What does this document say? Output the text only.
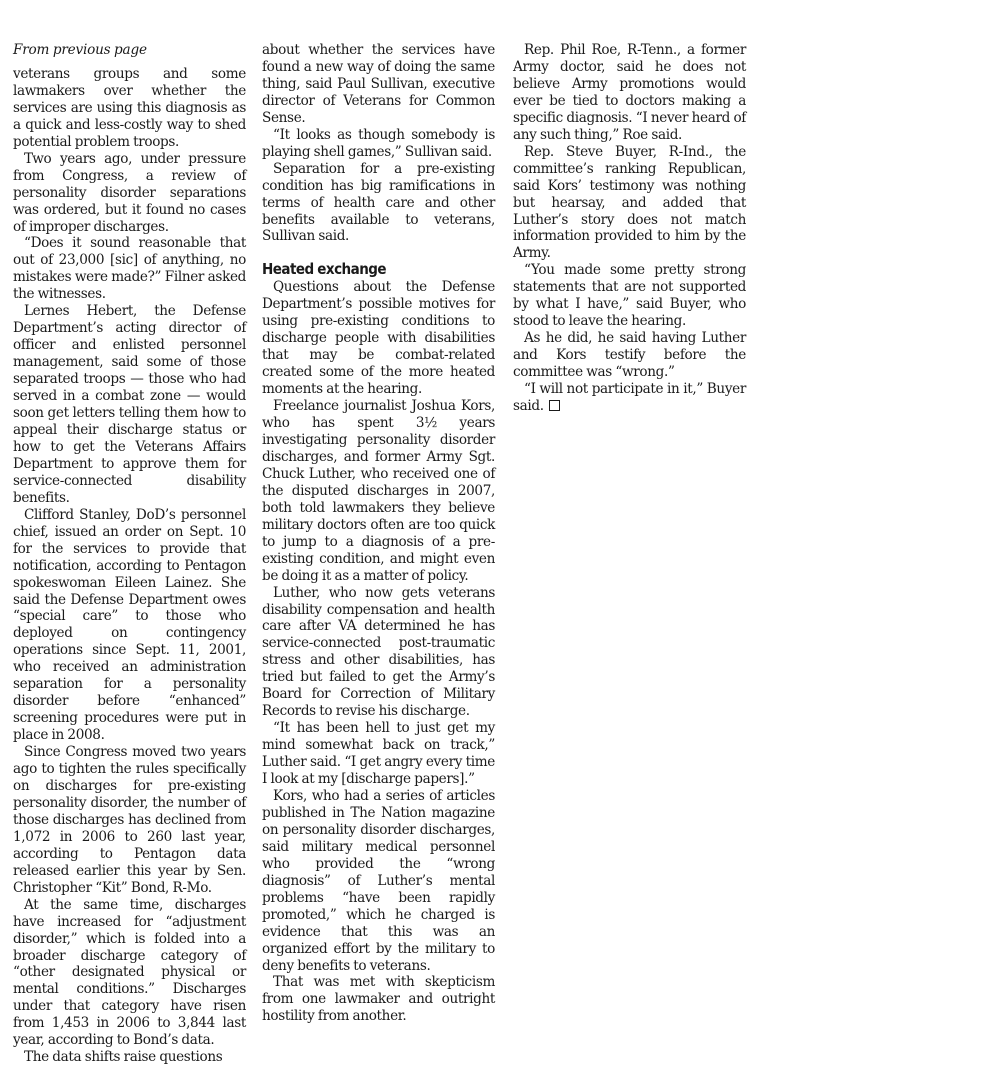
From previous page

veterans groups and some lawmakers over whether the services are using this diagnosis as a quick and less-costly way to shed potential problem troops.

Two years ago, under pressure from Congress, a review of personality disorder separations was ordered, but it found no cases of improper discharges.

“Does it sound reasonable that out of 23,000 [sic] of anything, no mistakes were made?” Filner asked the witnesses.

Lernes Hebert, the Defense Department’s acting director of officer and enlisted personnel management, said some of those separated troops — those who had served in a combat zone — would soon get letters telling them how to appeal their discharge status or how to get the Veterans Affairs Department to approve them for service-connected disability benefits.

Clifford Stanley, DoD’s personnel chief, issued an order on Sept. 10 for the services to provide that notification, according to Pentagon spokeswoman Eileen Lainez. She said the Defense Department owes “special care” to those who deployed on contingency operations since Sept. 11, 2001, who received an administration separation for a personality disorder before “enhanced” screening procedures were put in place in 2008.

Since Congress moved two years ago to tighten the rules specifically on discharges for pre-existing personality disorder, the number of those discharges has declined from 1,072 in 2006 to 260 last year, according to Pentagon data released earlier this year by Sen. Christopher “Kit” Bond, R-Mo.

At the same time, discharges have increased for “adjustment disorder,” which is folded into a broader discharge category of “other designated physical or mental conditions.” Discharges under that category have risen from 1,453 in 2006 to 3,844 last year, according to Bond’s data.

The data shifts raise questions

about whether the services have found a new way of doing the same thing, said Paul Sullivan, executive director of Veterans for Common Sense.

“It looks as though somebody is playing shell games,” Sullivan said.

Separation for a pre-existing condition has big ramifications in terms of health care and other benefits available to veterans, Sullivan said.

Heated exchange

Questions about the Defense Department’s possible motives for using pre-existing conditions to discharge people with disabilities that may be combat-related created some of the more heated moments at the hearing.

Freelance journalist Joshua Kors, who has spent 3½ years investigating personality disorder discharges, and former Army Sgt. Chuck Luther, who received one of the disputed discharges in 2007, both told lawmakers they believe military doctors often are too quick to jump to a diagnosis of a pre-existing condition, and might even be doing it as a matter of policy.

Luther, who now gets veterans disability compensation and health care after VA determined he has service-connected post-traumatic stress and other disabilities, has tried but failed to get the Army’s Board for Correction of Military Records to revise his discharge.

“It has been hell to just get my mind somewhat back on track,” Luther said. “I get angry every time I look at my [discharge papers].”

Kors, who had a series of articles published in The Nation magazine on personality disorder discharges, said military medical personnel who provided the “wrong diagnosis” of Luther’s mental problems “have been rapidly promoted,” which he charged is evidence that this was an organized effort by the military to deny benefits to veterans.

That was met with skepticism from one lawmaker and outright hostility from another.

Rep. Phil Roe, R-Tenn., a former Army doctor, said he does not believe Army promotions would ever be tied to doctors making a specific diagnosis. “I never heard of any such thing,” Roe said.

Rep. Steve Buyer, R-Ind., the committee’s ranking Republican, said Kors’ testimony was nothing but hearsay, and added that Luther’s story does not match information provided to him by the Army.

“You made some pretty strong statements that are not supported by what I have,” said Buyer, who stood to leave the hearing.

As he did, he said having Luther and Kors testify before the committee was “wrong.”

“I will not participate in it,” Buyer said.
